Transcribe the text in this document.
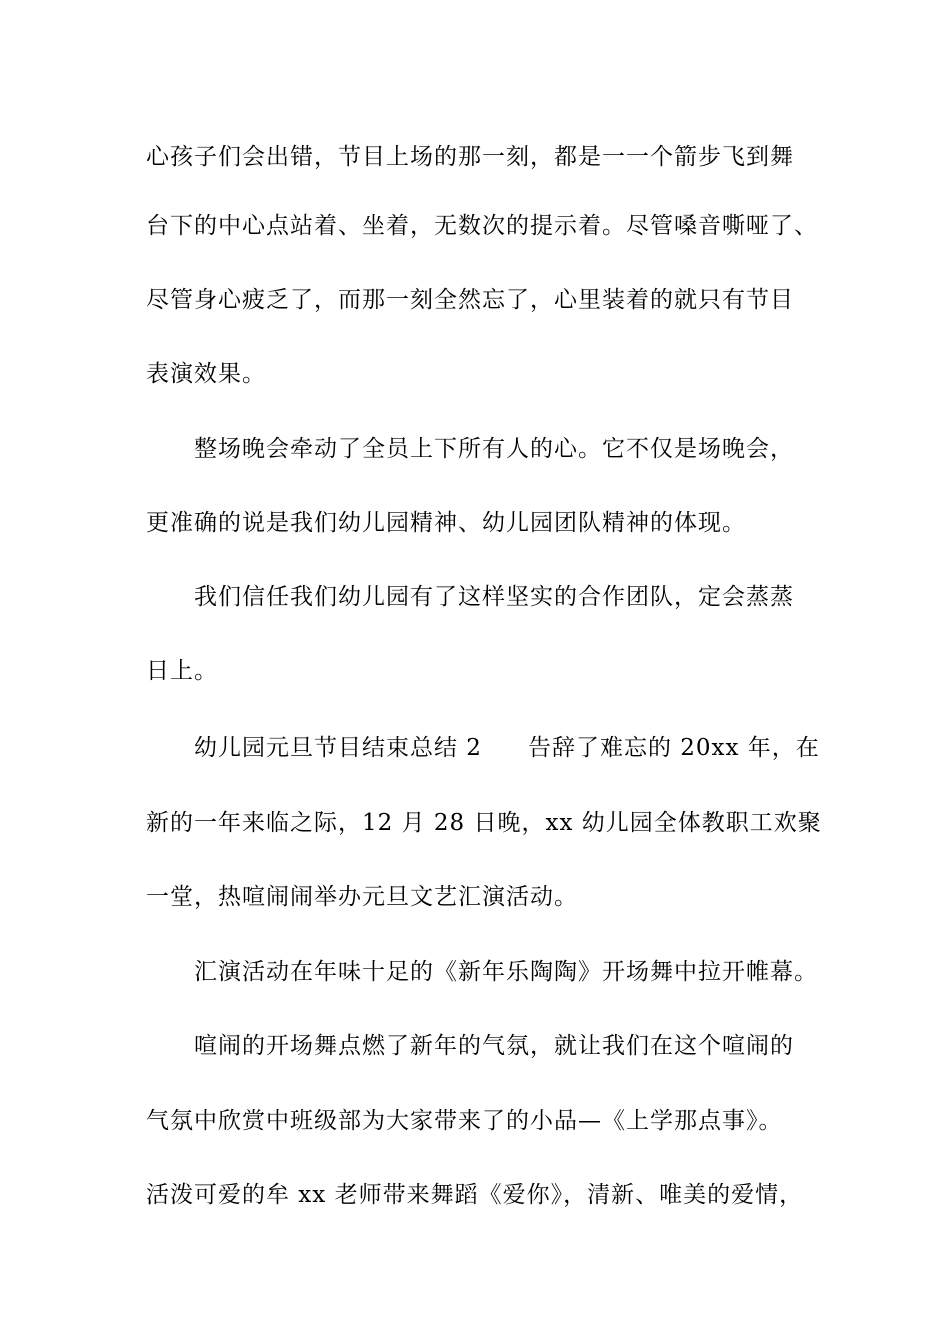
心孩子们会出错，节目上场的那一刻，都是一一个箭步飞到舞
台下的中心点站着、坐着，无数次的提示着。尽管嗓音嘶哑了、
尽管身心疲乏了，而那一刻全然忘了，心里装着的就只有节目
表演效果。
整场晚会牵动了全员上下所有人的心。它不仅是场晚会，
更准确的说是我们幼儿园精神、幼儿园团队精神的体现。
我们信任我们幼儿园有了这样坚实的合作团队，定会蒸蒸
日上。
幼儿园元旦节目结束总结 2 告辞了难忘的 20xx 年，在
新的一年来临之际，12 月 28 日晚，xx 幼儿园全体教职工欢聚
一堂，热喧闹闹举办元旦文艺汇演活动。
汇演活动在年味十足的《新年乐陶陶》开场舞中拉开帷幕。
喧闹的开场舞点燃了新年的气氛，就让我们在这个喧闹的
气氛中欣赏中班级部为大家带来了的小品—《上学那点事》。
活泼可爱的牟 xx 老师带来舞蹈《爱你》，清新、唯美的爱情，
